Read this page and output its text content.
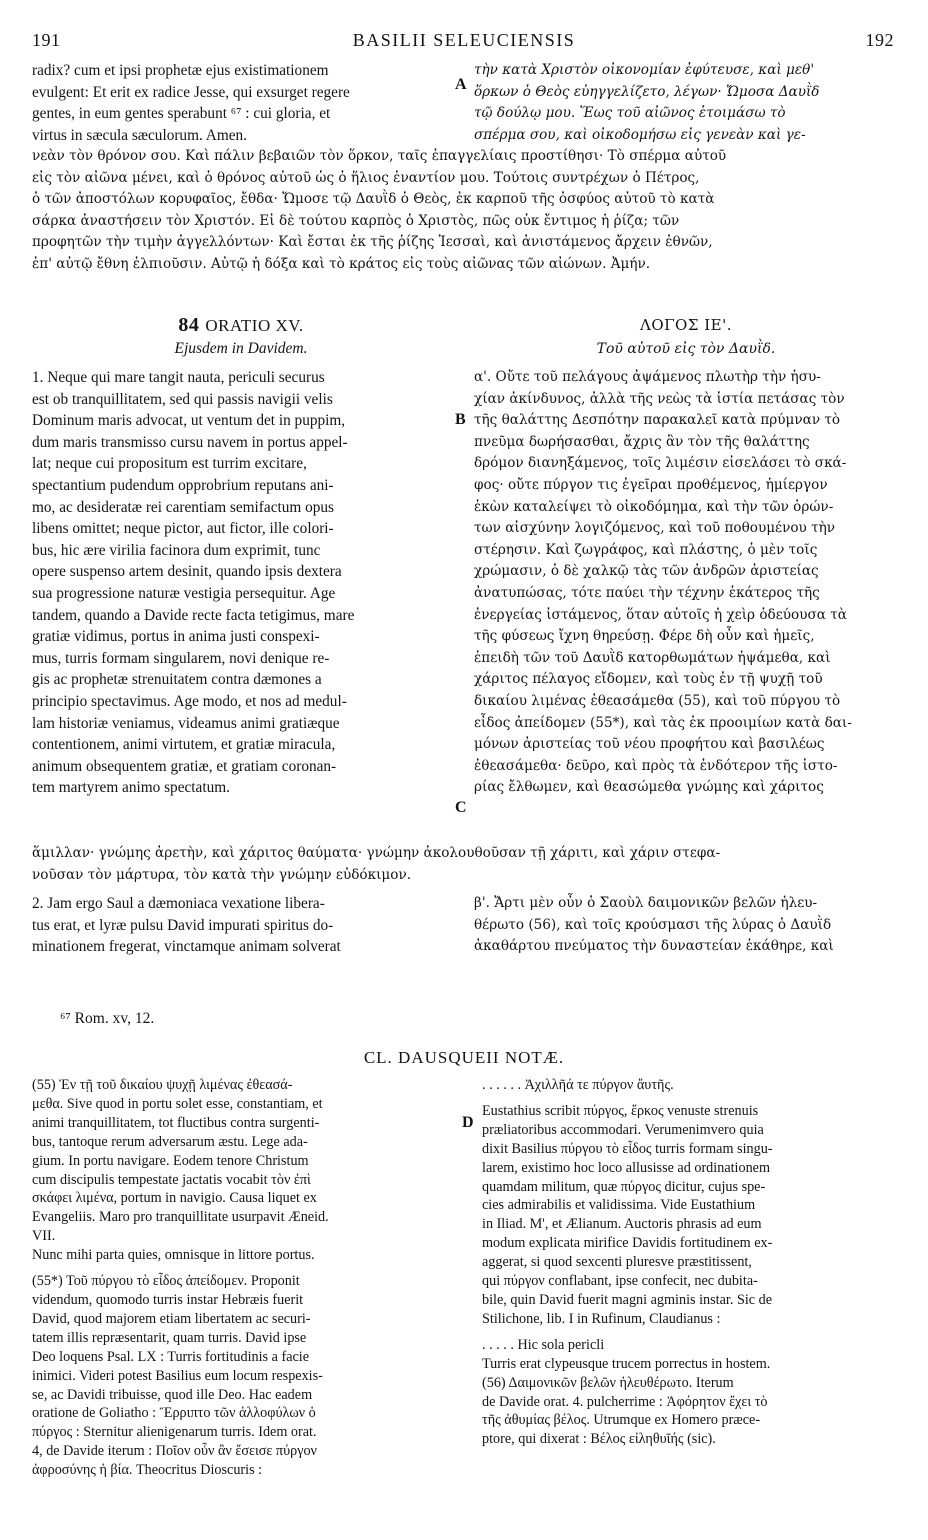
191	BASILII SELEUCIENSIS	192
radix? cum et ipsi prophetæ ejus existimationem
evulgent: Et erit ex radice Jesse, qui exsurget regere
gentes, in eum gentes sperabunt ⁶⁷ : cui gloria, et
virtus in sæcula sæculorum. Amen.
A
τὴν κατὰ Χριστὸν οἰκονομίαν ἐφύτευσε, καὶ μεθ'
ὅρκων ὁ Θεὸς εὐηγγελίζετο, λέγων· Ὤμοσα Δαυῒδ
τῷ δούλῳ μου. Ἕως τοῦ αἰῶνος ἑτοιμάσω τὸ
σπέρμα σου, καὶ οἰκοδομήσω εἰς γενεὰν καὶ γε-
νεὰν τὸν θρόνον σου. Καὶ πάλιν βεβαιῶν τὸν ὅρκον, ταῖς ἐπαγγελίαις προστίθησι· Τὸ σπέρμα αὐτοῦ
εἰς τὸν αἰῶνα μένει, καὶ ὁ θρόνος αὐτοῦ ὡς ὁ ἥλιος ἐναντίον μου. Τούτοις συντρέχων ὁ Πέτρος,
ὁ τῶν ἀποστόλων κορυφαῖος, ἔθδα· Ὤμοσε τῷ Δαυῒδ ὁ Θεὸς, ἐκ καρποῦ τῆς ὀσφύος αὐτοῦ τὸ κατὰ
σάρκα ἀναστήσειν τὸν Χριστόν. Εἰ δὲ τούτου καρπὸς ὁ Χριστὸς, πῶς οὐκ ἔντιμος ἡ ῥίζα; τῶν
προφητῶν τὴν τιμὴν ἀγγελλόντων· Καὶ ἔσται ἐκ τῆς ῥίζης Ἰεσσαὶ, καὶ ἀνιστάμενος ἄρχειν ἐθνῶν,
ἐπ' αὐτῷ ἔθνη ἐλπιοῦσιν. Αὐτῷ ἡ δόξα καὶ τὸ κράτος εἰς τοὺς αἰῶνας τῶν αἰώνων. Ἀμήν.
84 ORATIO XV.	ΛΟΓΟΣ ΙΕ'.
Ejusdem in Davidem.	Τοῦ αὐτοῦ εἰς τὸν Δαυῒδ.
1. Neque qui mare tangit nauta, periculi securus
est ob tranquillitatem, sed qui passis navigii velis
Dominum maris advocat, ut ventum det in puppim,
dum maris transmisso cursu navem in portus appel-
lat; neque cui propositum est turrim excitare,
spectantium pudendum opprobrium reputans ani-
mo, ac desideratæ rei carentiam semifactum opus
libens omittet; neque pictor, aut fictor, ille colori-
bus, hic ære virilia facinora dum exprimit, tunc
opere suspenso artem desinit, quando ipsis dextera
sua progressione naturæ vestigia persequitur. Age
tandem, quando a Davide recte facta tetigimus, mare
gratiæ vidimus, portus in anima justi conspexi-
mus, turris formam singularem, novi denique re-
gis ac prophetæ strenuitatem contra dæmones a
principio spectavimus. Age modo, et nos ad medul-
lam historiæ veniamus, videamus animi gratiæque
contentionem, animi virtutem, et gratiæ miracula,
animum obsequentem gratiæ, et gratiam coronan-
tem martyrem animo spectatum.
B
C
α'. Οὔτε τοῦ πελάγους ἀψάμενος πλωτὴρ τὴν ἡσυ-
χίαν ἀκίνδυνος, ἀλλὰ τῆς νεὼς τὰ ἱστία πετάσας τὸν
τῆς θαλάττης Δεσπότην παρακαλεῖ κατὰ πρύμναν τὸ
πνεῦμα δωρήσασθαι, ἄχρις ἂν τὸν τῆς θαλάττης
δρόμον διανηξάμενος, τοῖς λιμέσιν εἰσελάσει τὸ σκά-
φος· οὔτε πύργον τις ἐγεῖραι προθέμενος, ἡμίεργον
ἑκὼν καταλείψει τὸ οἰκοδόμημα, καὶ τὴν τῶν ὁρών-
των αἰσχύνην λογιζόμενος, καὶ τοῦ ποθουμένου τὴν
στέρησιν. Καὶ ζωγράφος, καὶ πλάστης, ὁ μὲν τοῖς
χρώμασιν, ὁ δὲ χαλκῷ τὰς τῶν ἀνδρῶν ἀριστείας
ἀνατυπώσας, τότε παύει τὴν τέχνην ἑκάτερος τῆς
ἐνεργείας ἱστάμενος, ὅταν αὐτοῖς ἡ χεὶρ ὁδεύουσα τὰ
τῆς φύσεως ἴχνη θηρεύσῃ. Φέρε δὴ οὖν καὶ ἡμεῖς,
ἐπειδὴ τῶν τοῦ Δαυῒδ κατορθωμάτων ἡψάμεθα, καὶ
χάριτος πέλαγος εἴδομεν, καὶ τοὺς ἐν τῇ ψυχῇ τοῦ
δικαίου λιμένας ἐθεασάμεθα (55), καὶ τοῦ πύργου τὸ
εἶδος ἀπείδομεν (55*), καὶ τὰς ἐκ προοιμίων κατὰ δαι-
μόνων ἀριστείας τοῦ νέου προφήτου καὶ βασιλέως
ἐθεασάμεθα· δεῦρο, καὶ πρὸς τὰ ἐνδότερον τῆς ἱστο-
ρίας ἔλθωμεν, καὶ θεασώμεθα γνώμης καὶ χάριτος
ἅμιλλαν· γνώμης ἀρετὴν, καὶ χάριτος θαύματα· γνώμην ἀκολουθοῦσαν τῇ χάριτι, καὶ χάριν στεφα-
νοῦσαν τὸν μάρτυρα, τὸν κατὰ τὴν γνώμην εὐδόκιμον.
2. Jam ergo Saul a dæmoniaca vexatione libera-
tus erat, et lyræ pulsu David impurati spiritus do-
minationem fregerat, vinctamque animam solverat
β'. Ἄρτι μὲν οὖν ὁ Σαοὺλ δαιμονικῶν βελῶν ἠλευ-
θέρωτο (56), καὶ τοῖς κρούσμασι τῆς λύρας ὁ Δαυῒδ
ἀκαθάρτου πνεύματος τὴν δυναστείαν ἐκάθηρε, καὶ
⁶⁷ Rom. xv, 12.
CL. DAUSQUEII NOTÆ.
D
(55) Ἐν τῇ τοῦ δικαίου ψυχῇ λιμένας ἐθεασά-
μεθα. Sive quod in portu solet esse, constantiam, et
animi tranquillitatem, tot fluctibus contra surgenti-
bus, tantoque rerum adversarum æstu. Lege ada-
gium. In portu navigare. Eodem tenore Christum
cum discipulis tempestate jactatis vocabit τὸν ἐπὶ
σκάφει λιμένα, portum in navigio. Causa liquet ex
Evangeliis. Maro pro tranquillitate usurpavit Æneid.
VII.
Nunc mihi parta quies, omnisque in littore portus.
(55*) Τοῦ πύργου τὸ εἶδος ἀπείδομεν. Proponit
videndum, quomodo turris instar Hebræis fuerit
David, quod majorem etiam libertatem ac securi-
tatem illis repræsentarit, quam turris. David ipse
Deo loquens Psal. LX : Turris fortitudinis a facie
inimici. Videri potest Basilius eum locum respexis-
se, ac Davidi tribuisse, quod ille Deo. Hac eadem
oratione de Goliatho : Ἔρριπτο τῶν ἀλλοφύλων ὁ
πύργος : Sternitur alienigenarum turris. Idem orat.
4, de Davide iterum : Ποῖον οὖν ἂν ἔσεισε πύργον
ἀφροσύνης ἡ βία. Theocritus Dioscuris :
. . . . . . Ἀχιλλῆά τε πύργον ἄυτῆς.
Eustathius scribit πύργος, ἕρκος venuste strenuis
præliatoribus accommodari. Verumenimvero quia
dixit Basilius πύργου τὸ εἶδος turris formam singu-
larem, existimo hoc loco allusisse ad ordinationem
quamdam militum, quæ πύργος dicitur, cujus spe-
cies admirabilis et validissima. Vide Eustathium
in Iliad. M', et Ælianum. Auctoris phrasis ad eum
modum explicata mirifice Davidis fortitudinem ex-
aggerat, si quod sexcenti pluresve præstitissent,
qui πύργον conflabant, ipse confecit, nec dubita-
bile, quin David fuerit magni agminis instar. Sic de
Stilichone, lib. I in Rufinum, Claudianus :
. . . . . Hic sola pericli
Turris erat clypeusque trucem porrectus in hostem.
(56) Δαιμονικῶν βελῶν ἠλευθέρωτο. Iterum
de Davide orat. 4. pulcherrime : Ἀφόρητον ἔχει τὸ
τῆς ἀθυμίας βέλος. Utrumque ex Homero præce-
ptore, qui dixerat : Βέλος εἰληθυῖής (sic).
